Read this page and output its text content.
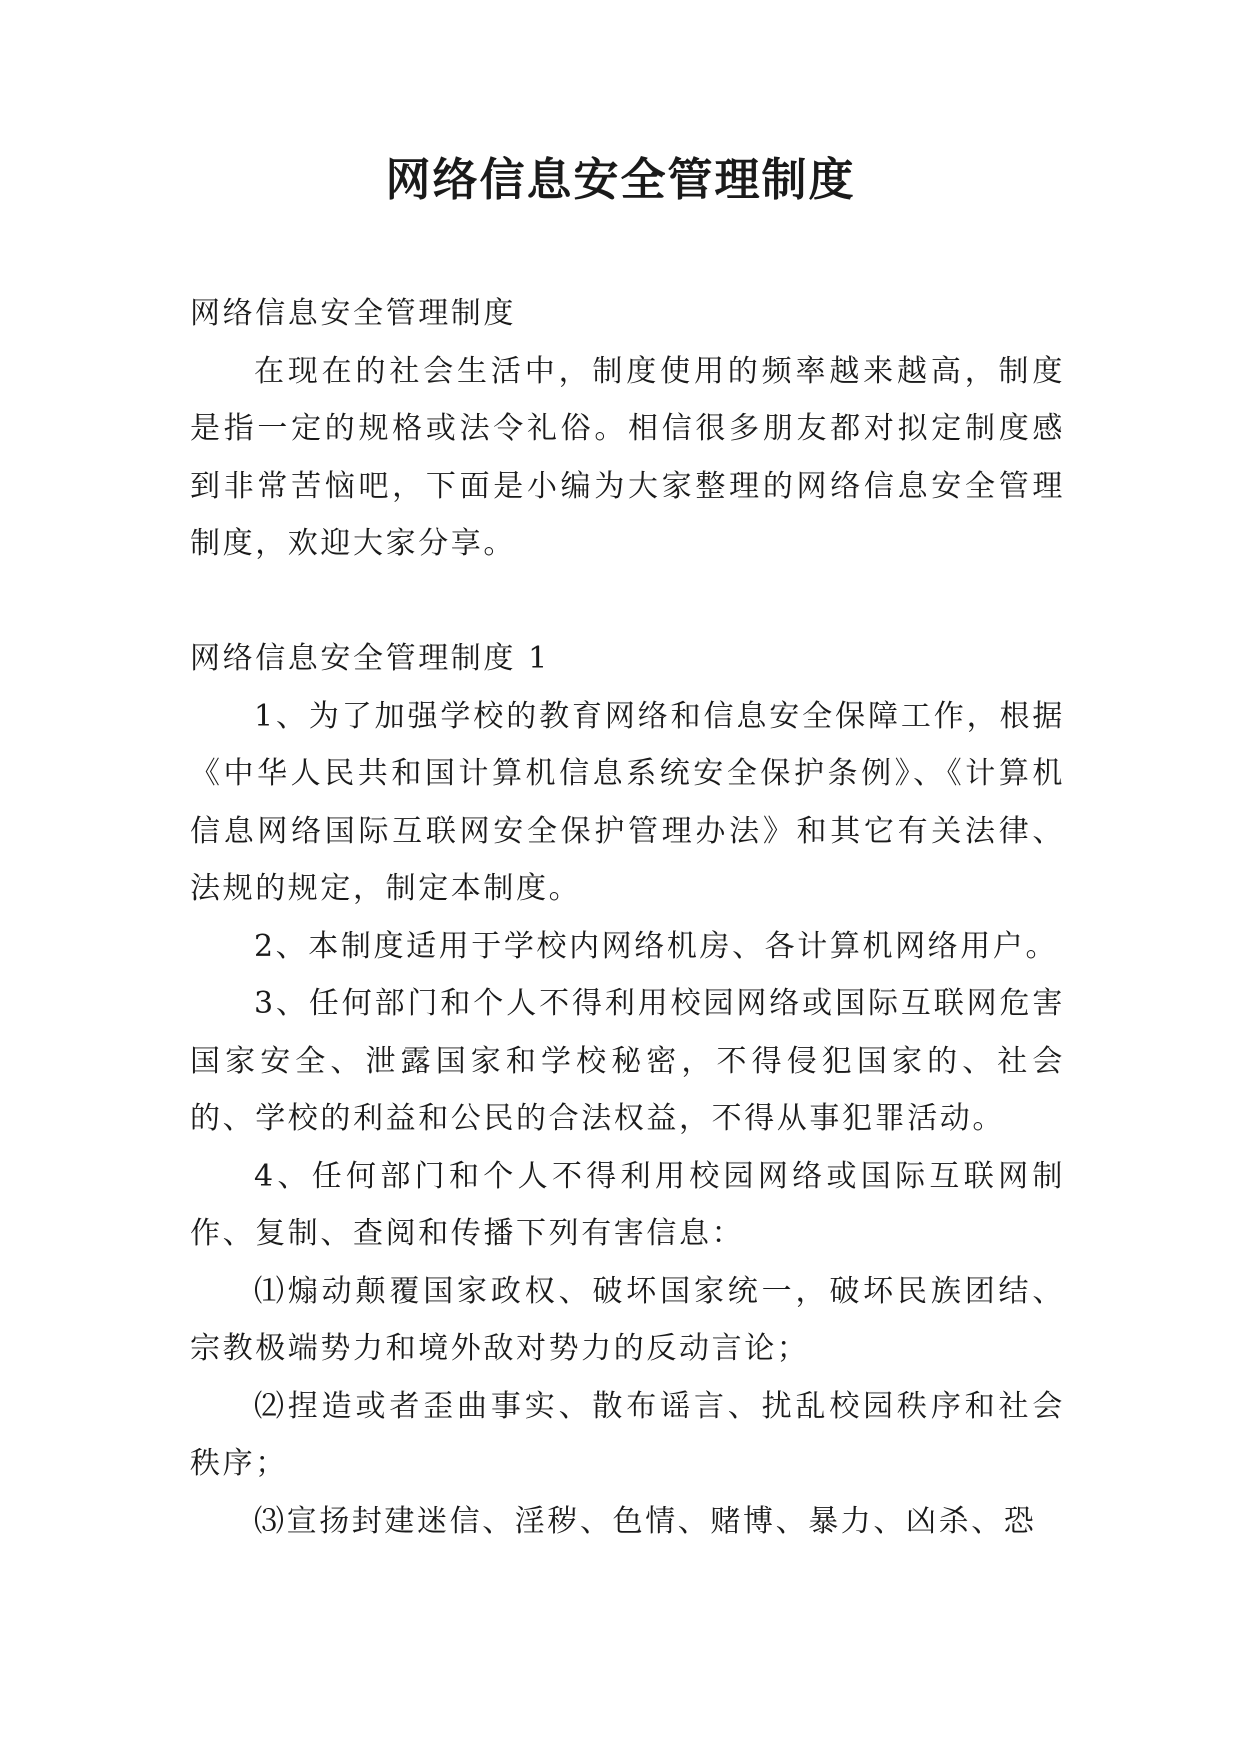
网络信息安全管理制度

网络信息安全管理制度

在现在的社会生活中，制度使用的频率越来越高，制度是指一定的规格或法令礼俗。相信很多朋友都对拟定制度感到非常苦恼吧，下面是小编为大家整理的网络信息安全管理制度，欢迎大家分享。

网络信息安全管理制度 1

1、为了加强学校的教育网络和信息安全保障工作，根据《中华人民共和国计算机信息系统安全保护条例》、《计算机信息网络国际互联网安全保护管理办法》和其它有关法律、法规的规定，制定本制度。

2、本制度适用于学校内网络机房、各计算机网络用户。

3、任何部门和个人不得利用校园网络或国际互联网危害国家安全、泄露国家和学校秘密，不得侵犯国家的、社会的、学校的利益和公民的合法权益，不得从事犯罪活动。

4、任何部门和个人不得利用校园网络或国际互联网制作、复制、查阅和传播下列有害信息：

⑴煽动颠覆国家政权、破坏国家统一，破坏民族团结、宗教极端势力和境外敌对势力的反动言论；

⑵捏造或者歪曲事实、散布谣言、扰乱校园秩序和社会秩序；

⑶宣扬封建迷信、淫秽、色情、赌博、暴力、凶杀、恐
